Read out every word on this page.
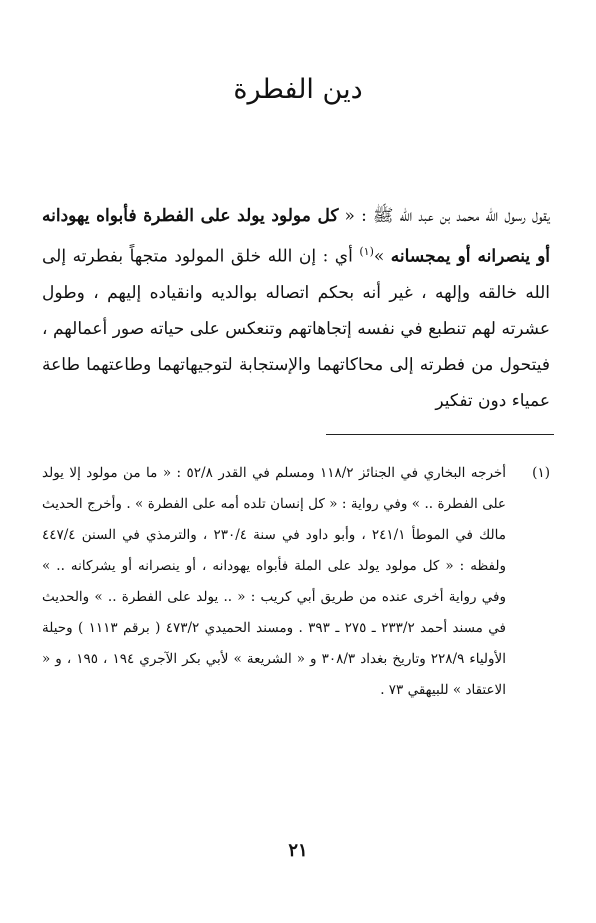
دين الفطرة

يقول رسول الله محمد بن عبد الله ﷺ : « كل مولود يولد على الفطرة فأبواه يهودانه أو ينصرانه أو يمجسانه »$^{(١)}$ أي : إن الله خلق المولود متجهاً بفطرته إلى الله خالقه وإلهه ، غير أنه بحكم اتصاله بوالديه وانقياده إليهم ، وطول عشرته لهم تنطبع في نفسه إتجاهاتهم وتنعكس على حياته صور أعمالهم ، فيتحول من فطرته إلى محاكاتهما والإستجابة لتوجيهاتهما وطاعتهما طاعة عمياء دون تفكير

(١)
أخرجه البخاري في الجنائز ١١٨/٢ ومسلم في القدر ٥٢/٨ : « ما من مولود إلا يولد على الفطرة .. » وفي رواية : « كل إنسان تلده أمه على الفطرة » . وأخرج الحديث مالك في الموطأ ٢٤١/١ ، وأبو داود في سنة ٢٣٠/٤ ، والترمذي في السنن ٤٤٧/٤ ولفظه : « كل مولود يولد على الملة فأبواه يهودانه ، أو ينصرانه أو يشركانه .. » وفي رواية أخرى عنده من طريق أبي كريب : « .. يولد على الفطرة .. » والحديث في مسند أحمد ٢٣٣/٢ ـ ٢٧٥ ـ ٣٩٣ . ومسند الحميدي ٤٧٣/٢ ( برقم ١١١٣ ) وحيلة الأولياء ٢٢٨/٩ وتاريخ بغداد ٣٠٨/٣ و « الشريعة » لأبي بكر الآجري ١٩٤ ، ١٩٥ ، و « الاعتقاد » للبيهقي ٧٣ .
٢١
